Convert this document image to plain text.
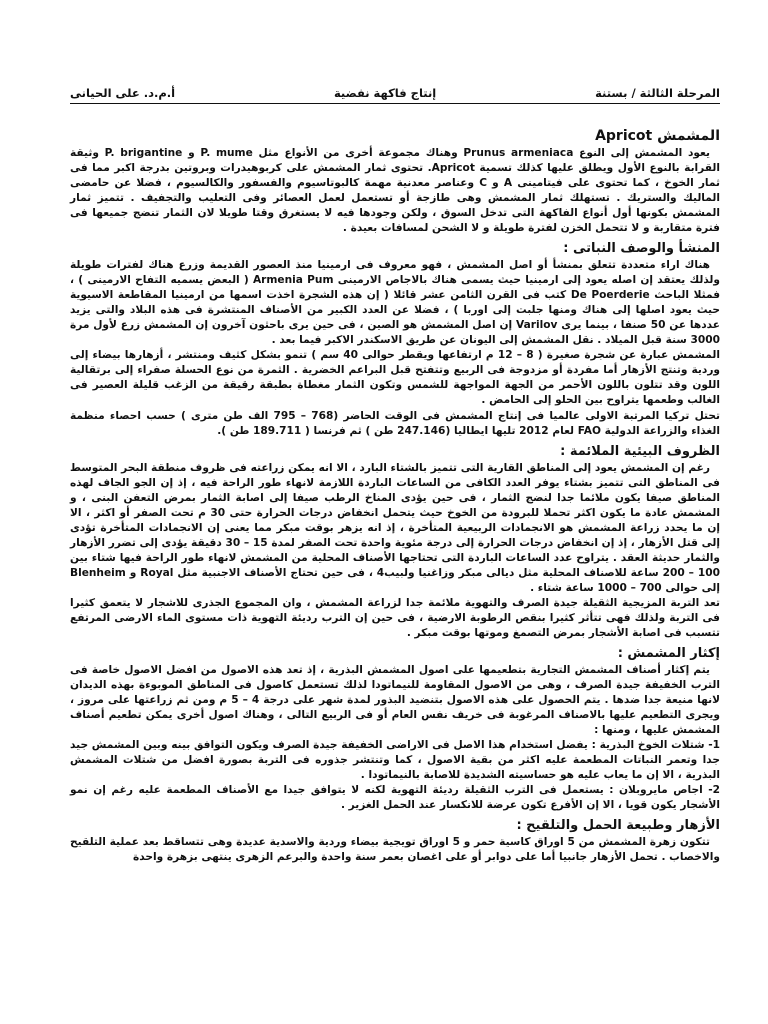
المرحلة الثالثة / بستنة
إنتاج فاكهة نفضية
أ.م.د. على الحيانى
المشمش Apricot

يعود المشمش إلى النوع Prunus armeniaca وهناك مجموعة أخرى من الأنواع مثل P. mume و P. brigantine وثيقة القرابة بالنوع الأول ويطلق عليها كذلك تسمية Apricot. تحتوى ثمار المشمش على كربوهيدرات وبروتين بدرجة اكبر مما فى ثمار الخوخ ، كما تحتوى على فيتامينى A و C وعناصر معدنية مهمة كالبوتاسيوم والفسفور والكالسيوم ، فضلا عن حامضى الماليك والستريك . تستهلك ثمار المشمش وهى طازجة أو تستعمل لعمل العصائر وفى التعليب والتجفيف . تتميز ثمار المشمش بكونها أول أنواع الفاكهة التى تدخل السوق ، ولكن وجودها فيه لا يستغرق وقتا طويلا لان الثمار تنضج جميعها فى فترة متقاربة و لا تتحمل الخزن لفترة طويلة و لا الشحن لمسافات بعيدة .

المنشأ والوصف النباتى :

هناك اراء متعددة تتعلق بمنشأ أو اصل المشمش ، فهو معروف فى ارمينيا منذ العصور القديمة وزرع هناك لفترات طويلة ولذلك يعتقد إن اصله يعود إلى ارمينيا حيث يسمى هناك بالاجاص الارمينى Armenia Pum ( البعض يسميه التفاح الارمينى ) ، فمثلا الباحث De Poerderie كتب فى القرن الثامن عشر قائلا ( إن هذه الشجرة اخذت اسمها من ارمينيا المقاطعة الاسيوية حيث يعود اصلها إلى هناك ومنها جلبت إلى اوربا ) ، فضلا عن العدد الكبير من الأصناف المنتشرة فى هذه البلاد والتى يزيد عددها عن 50 صنفا ، بينما يرى Varilov إن اصل المشمش هو الصين ، فى حين يرى باحثون آخرون إن المشمش زرع لأول مرة 3000 سنة قبل الميلاد . نقل المشمش إلى اليونان عن طريق الاسكندر الاكبر فيما بعد .

المشمش عبارة عن شجرة صغيرة ( 8 – 12 م ارتفاعها ويقطر حوالى 40 سم ) تنمو بشكل كثيف ومنتشر ، أزهارها بيضاء إلى وردية وتنتج الأزهار أما مفردة أو مزدوجة فى الربيع وتتفتح قبل البراعم الخضرية . الثمرة من نوع الحسلة صفراء إلى برتقالية اللون وقد تتلون باللون الأحمر من الجهة المواجهة للشمس وتكون الثمار مغطاة بطبقة رقيقة من الزغب قليلة العصير فى الغالب وطعمها يتراوح بين الحلو إلى الحامض .

تحتل تركيا المرتبة الاولى عالميا فى إنتاج المشمش فى الوقت الحاضر (768 – 795 الف طن مترى ) حسب احصاء منظمة الغذاء والزراعة الدولية FAO لعام 2012 تليها ايطاليا (247.146 طن ) ثم فرنسا ( 189.711 طن ).

الظروف البيئية الملائمة :

رغم إن المشمش يعود إلى المناطق القارية التى تتميز بالشتاء البارد ، الا انه يمكن زراعته فى ظروف منطقة البحر المتوسط فى المناطق التى تتميز بشتاء يوفر العدد الكافى من الساعات الباردة اللازمة لانهاء طور الراحة فيه ، إذ إن الجو الجاف لهذه المناطق صيفا يكون ملائما جدا لنضج الثمار ، فى حين يؤدى المناخ الرطب صيفا إلى اصابة الثمار بمرض التعفن البنى ، و المشمش عادة ما يكون اكثر تحملا للبرودة من الخوخ حيث يتحمل انخفاض درجات الحرارة حتى 30 م تحت الصفر أو اكثر ، الا إن ما يحدد زراعة المشمش هو الانجمادات الربيعية المتأخرة ، إذ انه يزهر بوقت مبكر مما يعنى إن الانجمادات المتأخرة تؤدى إلى قتل الأزهار ، إذ إن انخفاض درجات الحرارة إلى درجة مئوية واحدة تحت الصفر لمدة 15 – 30 دقيقة يؤدى إلى تضرر الأزهار والثمار حديثة العقد . يتراوح عدد الساعات الباردة التى تحتاجها الأصناف المحلية من المشمش لانهاء طور الراحة فيها شتاء بين 100 – 200 ساعة للاصناف المحلية مثل ديالى مبكر وزاغنيا ولبيب4 ، فى حين تحتاج الأصناف الاجنبية مثل Royal و Blenheim إلى حوالى 700 – 1000 ساعة شتاء .

تعد التربة المزيجية الثقيلة جيدة الصرف والتهوية ملائمة جدا لزراعة المشمش ، وان المجموع الجذرى للاشجار لا يتعمق كثيرا فى التربة ولذلك فهى تتأثر كثيرا بنقص الرطوبة الارضية ، فى حين إن الترب رديئة التهوية ذات مستوى الماء الارضى المرتفع تتسبب فى اصابة الأشجار بمرض التصمغ وموتها بوقت مبكر .

إكثار المشمش :

يتم إكثار أصناف المشمش التجارية بتطعيمها على اصول المشمش البذرية ، إذ تعد هذه الاصول من افضل الاصول خاصة فى الترب الخفيفة جيدة الصرف ، وهى من الاصول المقاومة للنيماتودا لذلك تستعمل كاصول فى المناطق الموبوءة بهذه الديدان لانها منيعة جدا ضدها . يتم الحصول على هذه الاصول بتنضيد البذور لمدة شهر على درجة 4 – 5 م ومن ثم زراعتها على مروز ، ويجرى التطعيم عليها بالاصناف المرغوبة فى خريف نفس العام أو فى الربيع التالى ، وهناك اصول أخرى يمكن تطعيم أصناف المشمش عليها ، ومنها :

1- شتلات الخوخ البذرية : يفضل استخدام هذا الاصل فى الاراضى الخفيفة جيدة الصرف ويكون التوافق بينه وبين المشمش جيد جدا وتعمر النباتات المطعمة عليه اكثر من بقية الاصول ، كما وتنتشر جذوره فى التربة بصورة افضل من شتلات المشمش البذرية ، الا إن ما يعاب عليه هو حساسيته الشديدة للاصابة بالنيماتودا .

2- اجاص مايروبلان : يستعمل فى الترب الثقيلة رديئة التهوية لكنه لا يتوافق جيدا مع الأصناف المطعمة عليه رغم إن نمو الأشجار يكون قويا ، الا إن الأفرع تكون عرضة للانكسار عند الحمل الغزير .

الأزهار وطبيعة الحمل والتلقيح :

تتكون زهرة المشمش من 5 اوراق كاسية حمر و 5 اوراق تويجية بيضاء وردية والاسدية عديدة وهى تتساقط بعد عملية التلقيح والاخصاب . تحمل الأزهار جانبيا أما على دوابر أو على اغصان بعمر سنة واحدة والبرعم الزهرى ينتهى بزهرة واحدة
